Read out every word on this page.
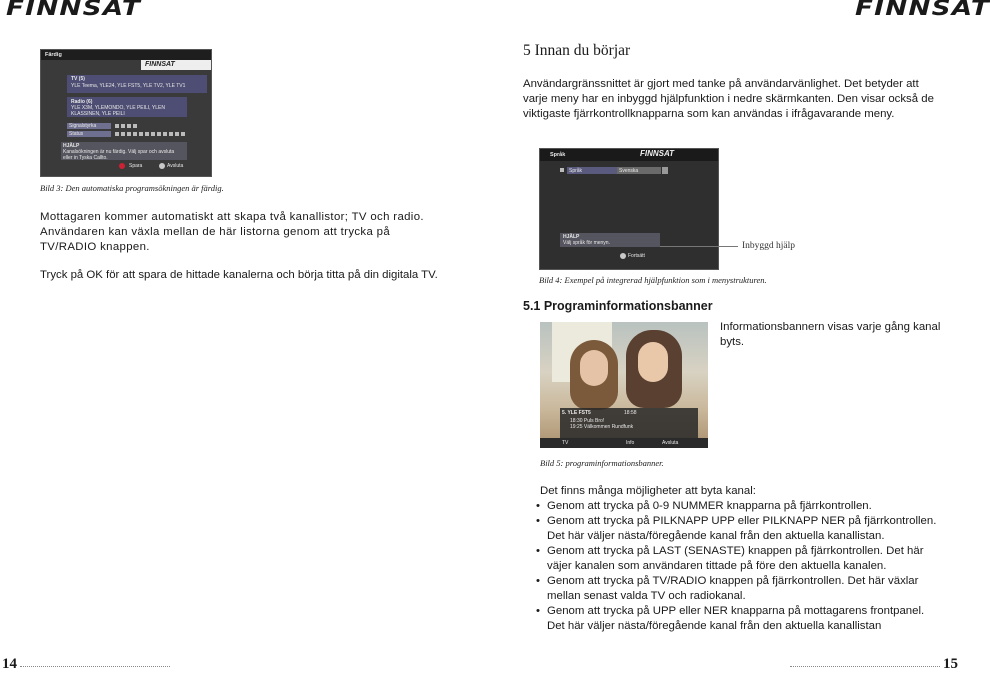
FINNSAT	FINNSAT
Färdig
FINNSAT
TV (5)
YLE Teema, YLE24, YLE FST5, YLE TV2, YLE TV1
Radio (6)
YLE X3M, YLEMONDO, YLE PEILI, YLEN KLASSINEN, YLE PEILI
Signalstyrka
Status
HJÄLP
Kanalsökningen är nu färdig. Välj spar och avsluta eller in Tyska Callto.
Spara	Avsluta
Bild 3: Den automatiska programsökningen är färdig.
Mottagaren kommer automatiskt att skapa två kanallistor; TV och radio. Användaren kan växla mellan de här listorna genom att trycka på TV/RADIO knappen.
Tryck på OK för att spara de hittade kanalerna och börja titta på din digitala TV.
14
5 Innan du börjar
Användargränssnittet är gjort med tanke på användarvänlighet. Det betyder att varje meny har en inbyggd hjälpfunktion i nedre skärmkanten. Den visar också de viktigaste fjärrkontrollknapparna som kan användas i ifrågavarande meny.
Språk	FINNSAT
Språk	Svenska
HJÄLP
Välj språk för menyn.
Fortsätt
Inbyggd hjälp
Bild 4: Exempel på integrerad hjälpfunktion som i menystrukturen.
5.1 Programinformationsbanner
Informationsbannern visas varje gång kanal byts.
5. YLE FST5	18:58
18:30 Puls Bro!
19:25 Välkommen Rundfunk
TV	Info	Avsluta
Bild 5: programinformationsbanner.
Det finns många möjligheter att byta kanal:
• Genom att trycka på 0-9 NUMMER knapparna på fjärrkontrollen.
• Genom att trycka på PILKNAPP UPP eller PILKNAPP NER på fjärrkontrollen. Det här väljer nästa/föregående kanal från den aktuella kanallistan.
• Genom att trycka på LAST (SENASTE) knappen på fjärrkontrollen. Det här väjer kanalen som användaren tittade på före den aktuella kanalen.
• Genom att trycka på TV/RADIO knappen på fjärrkontrollen. Det här växlar mellan senast valda TV och radiokanal.
• Genom att trycka på UPP eller NER knapparna på mottagarens frontpanel. Det här väljer nästa/föregående kanal från den aktuella kanallistan
15
